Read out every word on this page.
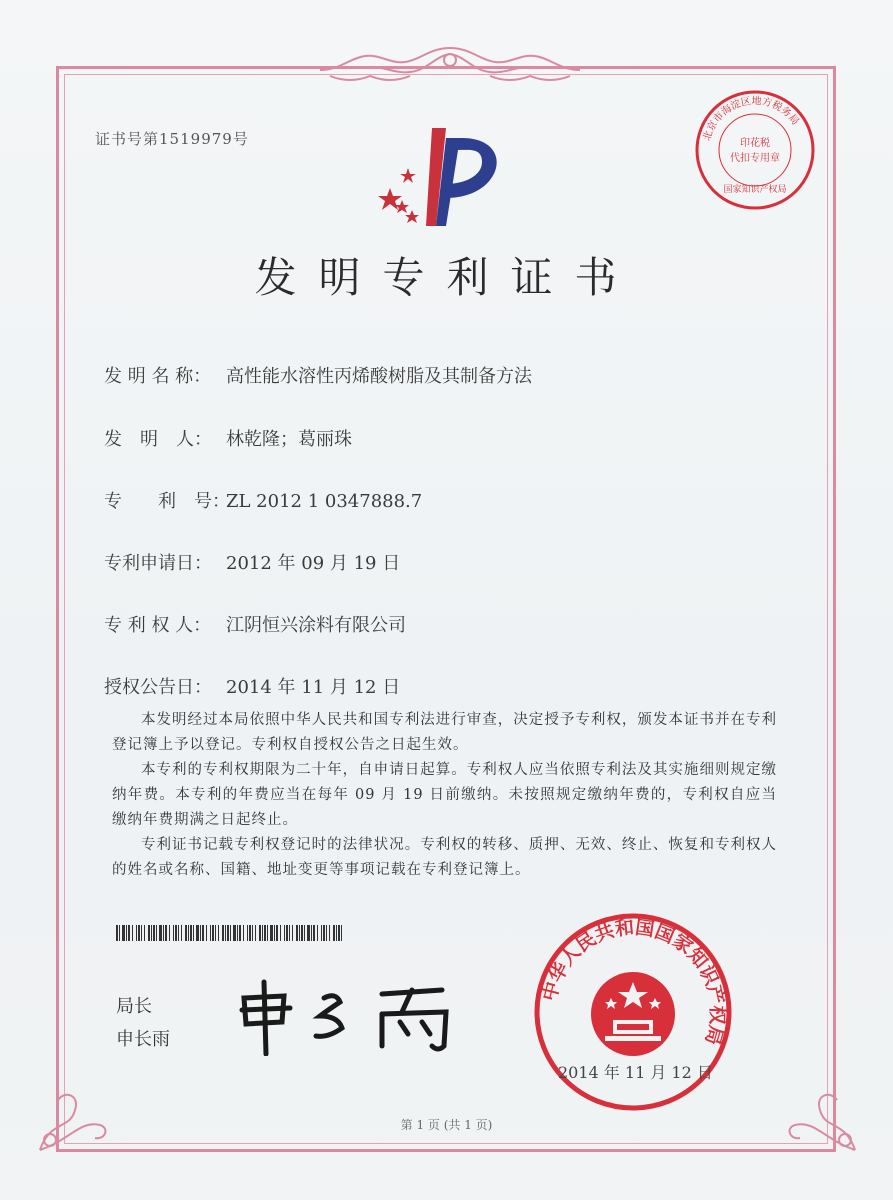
证书号第1519979号	北京市海淀区地方税务局
印花税
代扣专用章
国家知识产权局
发明专利证书
发 明 名 称： 高性能水溶性丙烯酸树脂及其制备方法
发　明　人： 林乾隆；葛丽珠
专　　利　号：ZL 2012 1 0347888.7
专利申请日： 2012 年 09 月 19 日
专 利 权 人： 江阴恒兴涂料有限公司
授权公告日： 2014 年 11 月 12 日

本发明经过本局依照中华人民共和国专利法进行审查，决定授予专利权，颁发本证书并在专利登记簿上予以登记。专利权自授权公告之日起生效。

本专利的专利权期限为二十年，自申请日起算。专利权人应当依照专利法及其实施细则规定缴纳年费。本专利的年费应当在每年 09 月 19 日前缴纳。未按照规定缴纳年费的，专利权自应当缴纳年费期满之日起终止。

专利证书记载专利权登记时的法律状况。专利权的转移、质押、无效、终止、恢复和专利权人的姓名或名称、国籍、地址变更等事项记载在专利登记簿上。

局长
申长雨
中华人民共和国国家知识产权局
2014 年 11 月 12 日
第 1 页 (共 1 页)
